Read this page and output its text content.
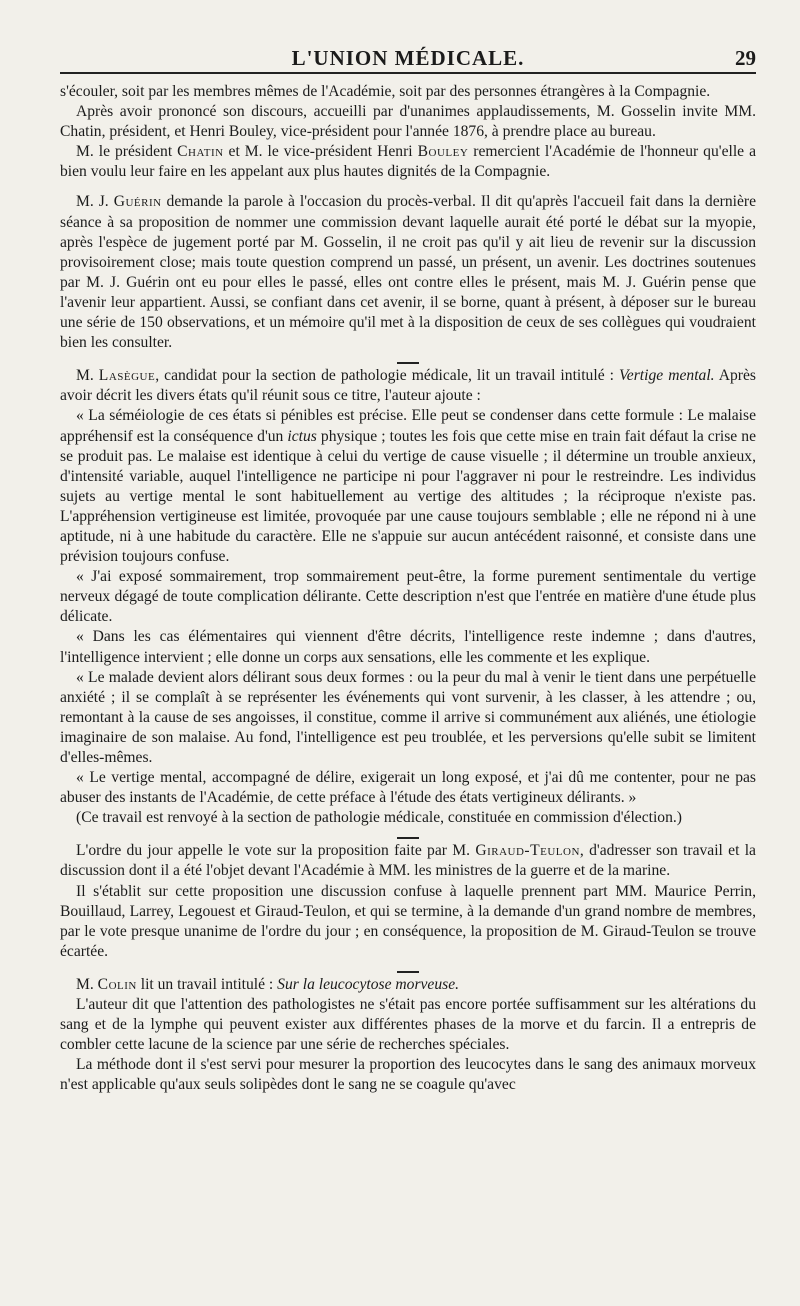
L'UNION MÉDICALE.	29

s'écouler, soit par les membres mêmes de l'Académie, soit par des personnes étrangères à la Compagnie.

Après avoir prononcé son discours, accueilli par d'unanimes applaudissements, M. Gosselin invite MM. Chatin, président, et Henri Bouley, vice-président pour l'année 1876, à prendre place au bureau.

M. le président Chatin et M. le vice-président Henri Bouley remercient l'Académie de l'honneur qu'elle a bien voulu leur faire en les appelant aux plus hautes dignités de la Compagnie.

M. J. Guérin demande la parole à l'occasion du procès-verbal. Il dit qu'après l'accueil fait dans la dernière séance à sa proposition de nommer une commission devant laquelle aurait été porté le débat sur la myopie, après l'espèce de jugement porté par M. Gosselin, il ne croit pas qu'il y ait lieu de revenir sur la discussion provisoirement close; mais toute question comprend un passé, un présent, un avenir. Les doctrines soutenues par M. J. Guérin ont eu pour elles le passé, elles ont contre elles le présent, mais M. J. Guérin pense que l'avenir leur appartient. Aussi, se confiant dans cet avenir, il se borne, quant à présent, à déposer sur le bureau une série de 150 observations, et un mémoire qu'il met à la disposition de ceux de ses collègues qui voudraient bien les consulter.

M. Lasègue, candidat pour la section de pathologie médicale, lit un travail intitulé : Vertige mental. Après avoir décrit les divers états qu'il réunit sous ce titre, l'auteur ajoute :

« La séméiologie de ces états si pénibles est précise. Elle peut se condenser dans cette formule : Le malaise appréhensif est la conséquence d'un ictus physique ; toutes les fois que cette mise en train fait défaut la crise ne se produit pas. Le malaise est identique à celui du vertige de cause visuelle ; il détermine un trouble anxieux, d'intensité variable, auquel l'intelligence ne participe ni pour l'aggraver ni pour le restreindre. Les individus sujets au vertige mental le sont habituellement au vertige des altitudes ; la réciproque n'existe pas. L'appréhension vertigineuse est limitée, provoquée par une cause toujours semblable ; elle ne répond ni à une aptitude, ni à une habitude du caractère. Elle ne s'appuie sur aucun antécédent raisonné, et consiste dans une prévision toujours confuse.

« J'ai exposé sommairement, trop sommairement peut-être, la forme purement sentimentale du vertige nerveux dégagé de toute complication délirante. Cette description n'est que l'entrée en matière d'une étude plus délicate.

« Dans les cas élémentaires qui viennent d'être décrits, l'intelligence reste indemne ; dans d'autres, l'intelligence intervient ; elle donne un corps aux sensations, elle les commente et les explique.

« Le malade devient alors délirant sous deux formes : ou la peur du mal à venir le tient dans une perpétuelle anxiété ; il se complaît à se représenter les événements qui vont survenir, à les classer, à les attendre ; ou, remontant à la cause de ses angoisses, il constitue, comme il arrive si communément aux aliénés, une étiologie imaginaire de son malaise. Au fond, l'intelligence est peu troublée, et les perversions qu'elle subit se limitent d'elles-mêmes.

« Le vertige mental, accompagné de délire, exigerait un long exposé, et j'ai dû me contenter, pour ne pas abuser des instants de l'Académie, de cette préface à l'étude des états vertigineux délirants. »

(Ce travail est renvoyé à la section de pathologie médicale, constituée en commission d'élection.)

L'ordre du jour appelle le vote sur la proposition faite par M. Giraud-Teulon, d'adresser son travail et la discussion dont il a été l'objet devant l'Académie à MM. les ministres de la guerre et de la marine.

Il s'établit sur cette proposition une discussion confuse à laquelle prennent part MM. Maurice Perrin, Bouillaud, Larrey, Legouest et Giraud-Teulon, et qui se termine, à la demande d'un grand nombre de membres, par le vote presque unanime de l'ordre du jour ; en conséquence, la proposition de M. Giraud-Teulon se trouve écartée.

M. Colin lit un travail intitulé : Sur la leucocytose morveuse.

L'auteur dit que l'attention des pathologistes ne s'était pas encore portée suffisamment sur les altérations du sang et de la lymphe qui peuvent exister aux différentes phases de la morve et du farcin. Il a entrepris de combler cette lacune de la science par une série de recherches spéciales.

La méthode dont il s'est servi pour mesurer la proportion des leucocytes dans le sang des animaux morveux n'est applicable qu'aux seuls solipèdes dont le sang ne se coagule qu'avec
